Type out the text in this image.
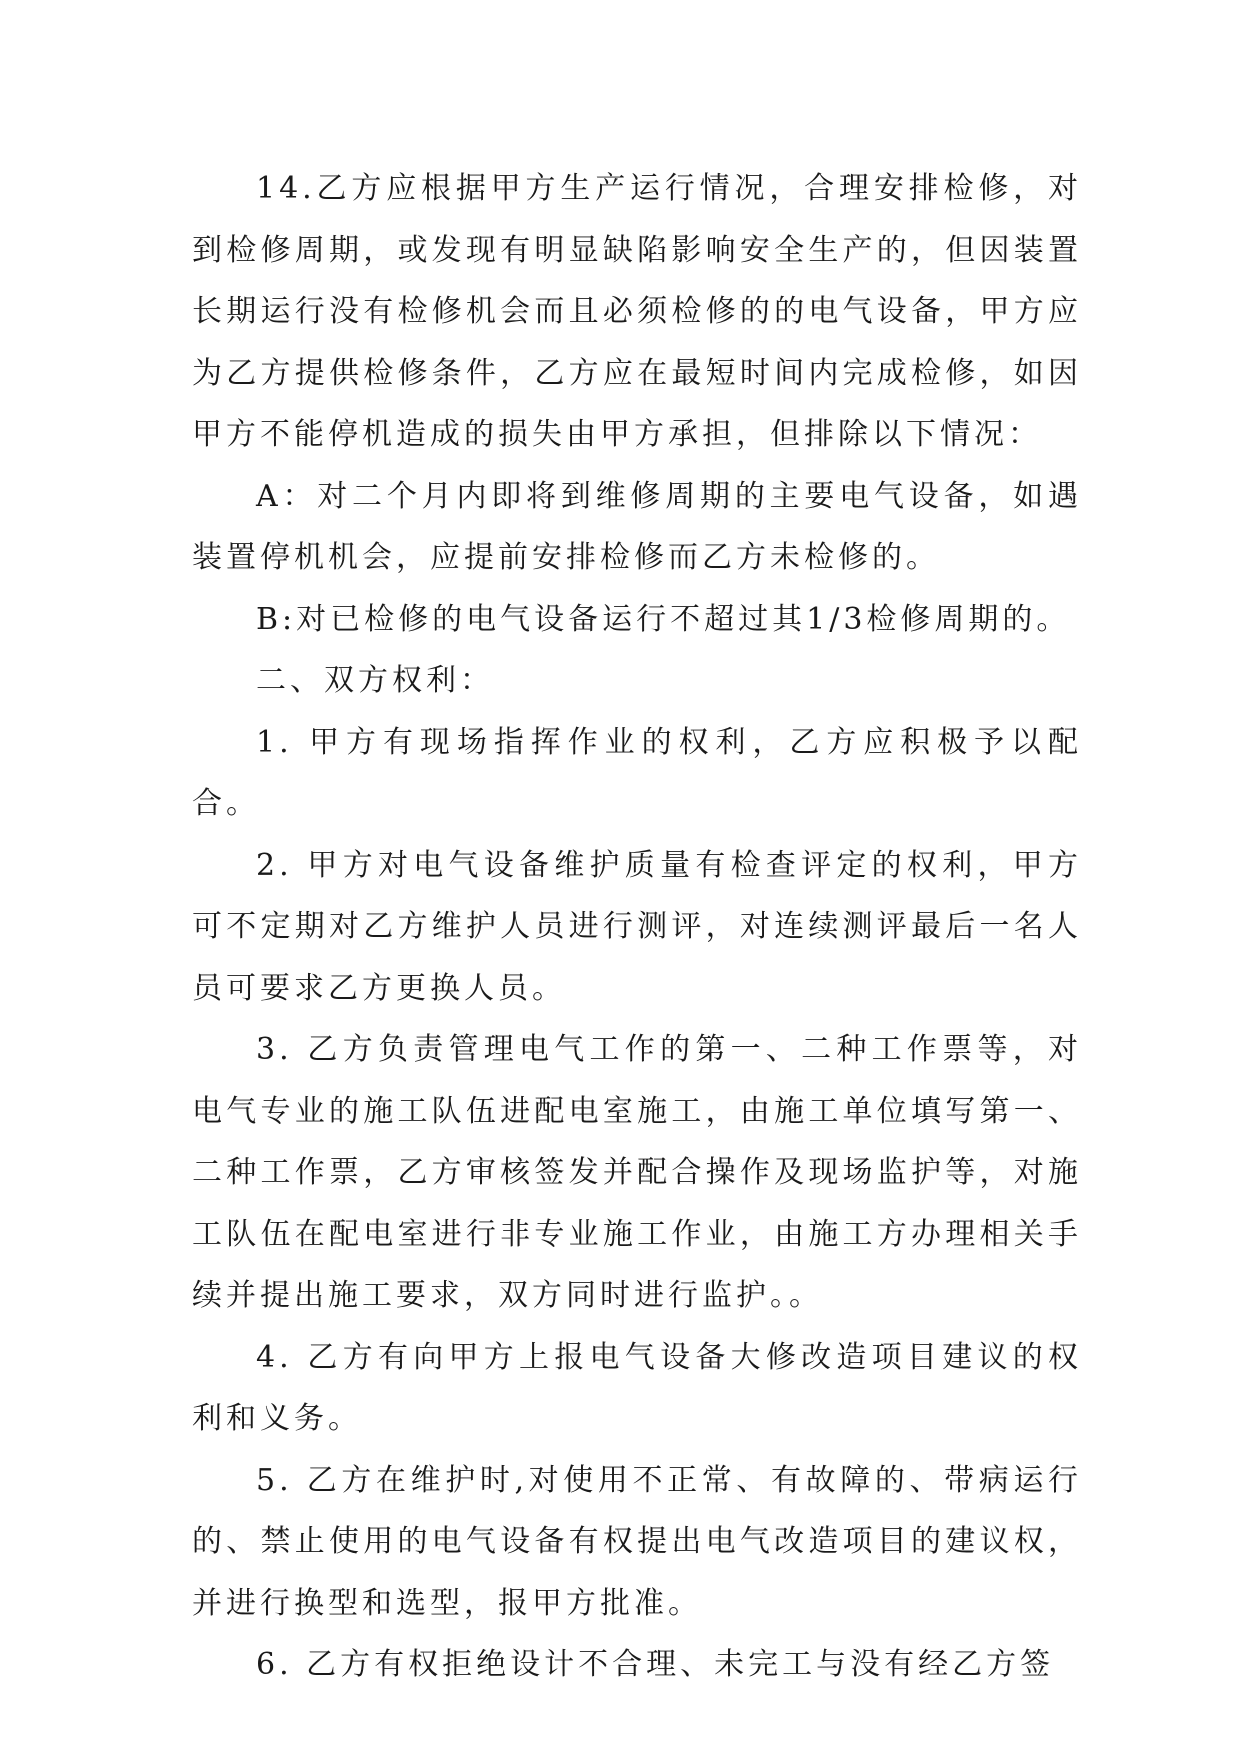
14.乙方应根据甲方生产运行情况，合理安排检修，对到检修周期，或发现有明显缺陷影响安全生产的，但因装置长期运行没有检修机会而且必须检修的的电气设备，甲方应为乙方提供检修条件，乙方应在最短时间内完成检修，如因甲方不能停机造成的损失由甲方承担，但排除以下情况：

A：对二个月内即将到维修周期的主要电气设备，如遇装置停机机会，应提前安排检修而乙方未检修的。

B:对已检修的电气设备运行不超过其1/3检修周期的。

二、双方权利：

1. 甲方有现场指挥作业的权利，乙方应积极予以配合。

2. 甲方对电气设备维护质量有检查评定的权利，甲方可不定期对乙方维护人员进行测评，对连续测评最后一名人员可要求乙方更换人员。

3. 乙方负责管理电气工作的第一、二种工作票等，对电气专业的施工队伍进配电室施工，由施工单位填写第一、二种工作票，乙方审核签发并配合操作及现场监护等，对施工队伍在配电室进行非专业施工作业，由施工方办理相关手续并提出施工要求，双方同时进行监护。。

4. 乙方有向甲方上报电气设备大修改造项目建议的权利和义务。

5. 乙方在维护时,对使用不正常、有故障的、带病运行的、禁止使用的电气设备有权提出电气改造项目的建议权，并进行换型和选型，报甲方批准。

6. 乙方有权拒绝设计不合理、未完工与没有经乙方签
